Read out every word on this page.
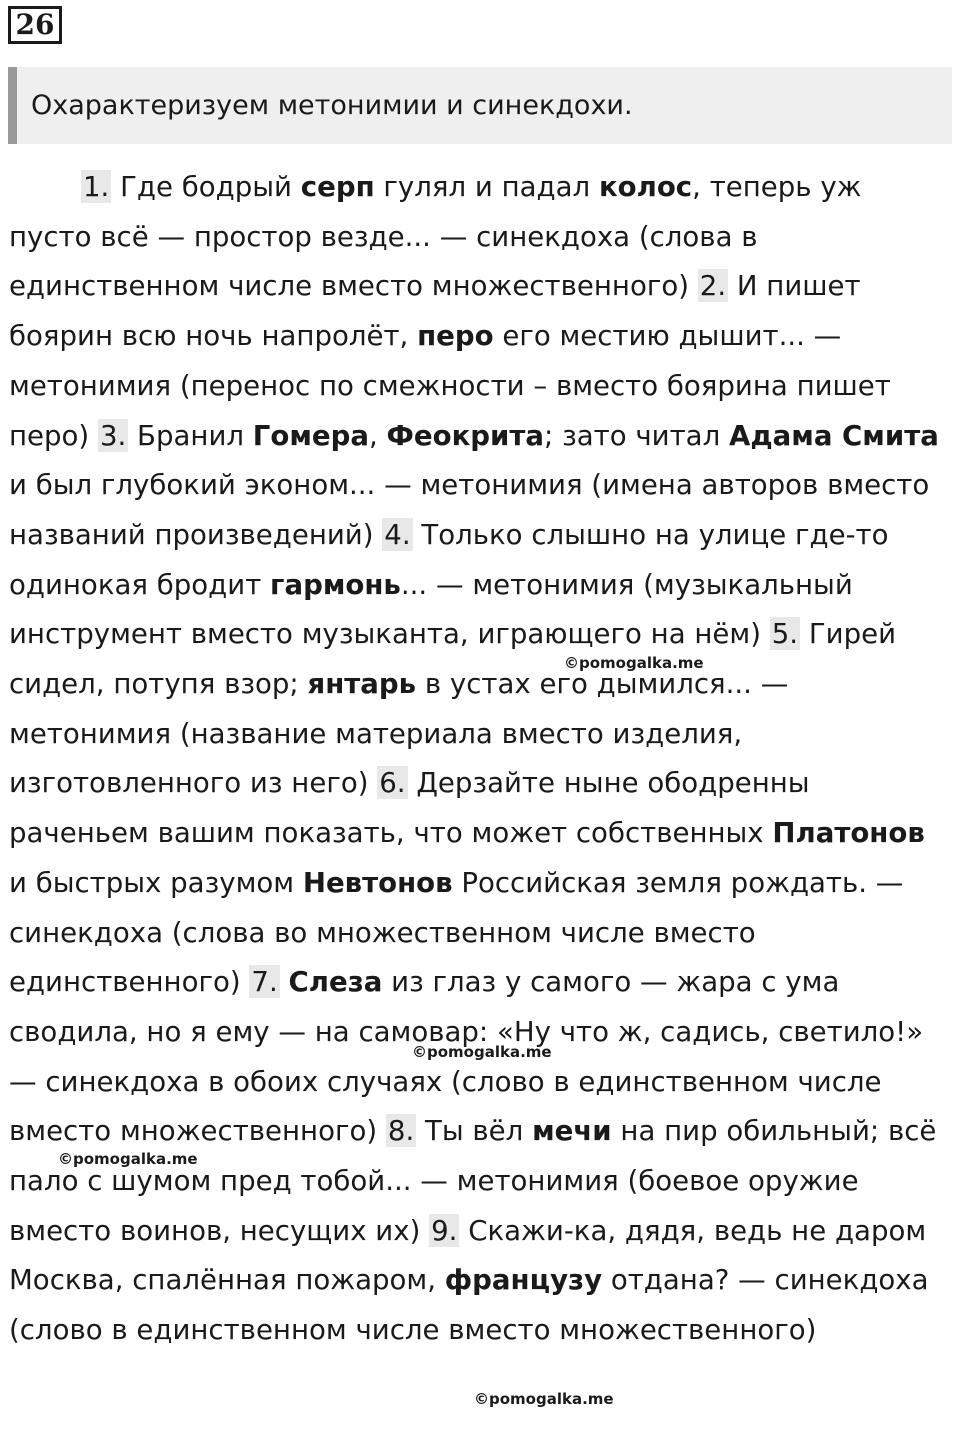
26
Охарактеризуем метонимии и синекдохи.

1. Где бодрый серп гулял и падал колос, теперь уж пусто всё — простор везде... — синекдоха (слова в единственном числе вместо множественного) 2. И пишет боярин всю ночь напролёт, перо его местию дышит... — метонимия (перенос по смежности – вместо боярина пишет перо) 3. Бранил Гомера, Феокрита; зато читал Адама Смита и был глубокий эконом... — метонимия (имена авторов вместо названий произведений) 4. Только слышно на улице где-то одинокая бродит гармонь... — метонимия (музыкальный инструмент вместо музыканта, играющего на нём) 5. Гирей сидел, потупя взор; янтарь в устах его дымился... — метонимия (название материала вместо изделия, изготовленного из него) 6. Дерзайте ныне ободренны раченьем вашим показать, что может собственных Платонов и быстрых разумом Невтонов Российская земля рождать. — синекдоха (слова во множественном числе вместо единственного) 7. Слеза из глаз у самого — жара с ума сводила, но я ему — на самовар: «Ну что ж, садись, светило!» — синекдоха в обоих случаях (слово в единственном числе вместо множественного) 8. Ты вёл мечи на пир обильный; всё пало с шумом пред тобой... — метонимия (боевое оружие вместо воинов, несущих их) 9. Скажи-ка, дядя, ведь не даром Москва, спалённая пожаром, французу отдана? — синекдоха (слово в единственном числе вместо множественного)

©pomogalka.me
©pomogalka.me
©pomogalka.me
©pomogalka.me
